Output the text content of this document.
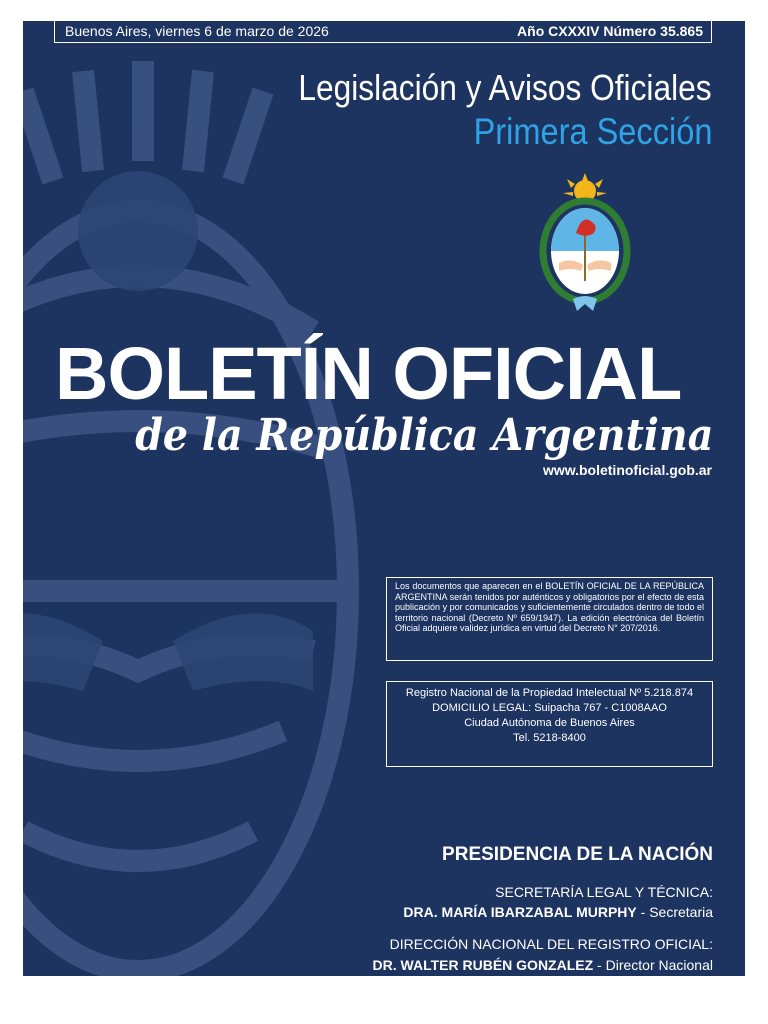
Buenos Aires, viernes 6 de marzo de 2026	Año CXXXIV Número 35.865
Legislación y Avisos Oficiales
Primera Sección
BOLETÍN OFICIAL
de la República Argentina
www.boletinoficial.gob.ar
Los documentos que aparecen en el BOLETÍN OFICIAL DE LA REPÚBLICA ARGENTINA serán tenidos por auténticos y obligatorios por el efecto de esta publicación y por comunicados y suficientemente circulados dentro de todo el territorio nacional (Decreto Nº 659/1947). La edición electrónica del Boletín Oficial adquiere validez jurídica en virtud del Decreto N° 207/2016.
Registro Nacional de la Propiedad Intelectual Nº 5.218.874
DOMICILIO LEGAL: Suipacha 767 - C1008AAO
Ciudad Autónoma de Buenos Aires
Tel. 5218-8400
PRESIDENCIA DE LA NACIÓN
SECRETARÍA LEGAL Y TÉCNICA:
DRA. MARÍA IBARZABAL MURPHY - Secretaria
DIRECCIÓN NACIONAL DEL REGISTRO OFICIAL:
DR. WALTER RUBÉN GONZALEZ - Director Nacional
